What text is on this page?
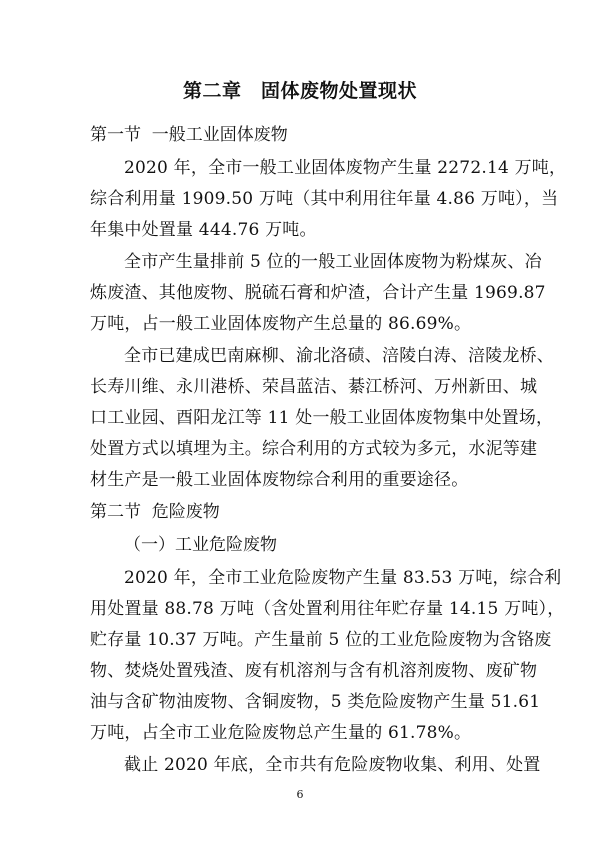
第二章　固体废物处置现状
第一节  一般工业固体废物
2020 年，全市一般工业固体废物产生量 2272.14 万吨，
综合利用量 1909.50 万吨（其中利用往年量 4.86 万吨），当
年集中处置量 444.76 万吨。
全市产生量排前 5 位的一般工业固体废物为粉煤灰、冶
炼废渣、其他废物、脱硫石膏和炉渣，合计产生量 1969.87
万吨，占一般工业固体废物产生总量的 86.69%。
全市已建成巴南麻柳、渝北洛碛、涪陵白涛、涪陵龙桥、
长寿川维、永川港桥、荣昌蓝洁、綦江桥河、万州新田、城
口工业园、酉阳龙江等 11 处一般工业固体废物集中处置场，
处置方式以填埋为主。综合利用的方式较为多元，水泥等建
材生产是一般工业固体废物综合利用的重要途径。
第二节  危险废物
（一）工业危险废物
2020 年，全市工业危险废物产生量 83.53 万吨，综合利
用处置量 88.78 万吨（含处置利用往年贮存量 14.15 万吨），
贮存量 10.37 万吨。产生量前 5 位的工业危险废物为含铬废
物、焚烧处置残渣、废有机溶剂与含有机溶剂废物、废矿物
油与含矿物油废物、含铜废物，5 类危险废物产生量 51.61
万吨，占全市工业危险废物总产生量的 61.78%。
截止 2020 年底，全市共有危险废物收集、利用、处置
6
